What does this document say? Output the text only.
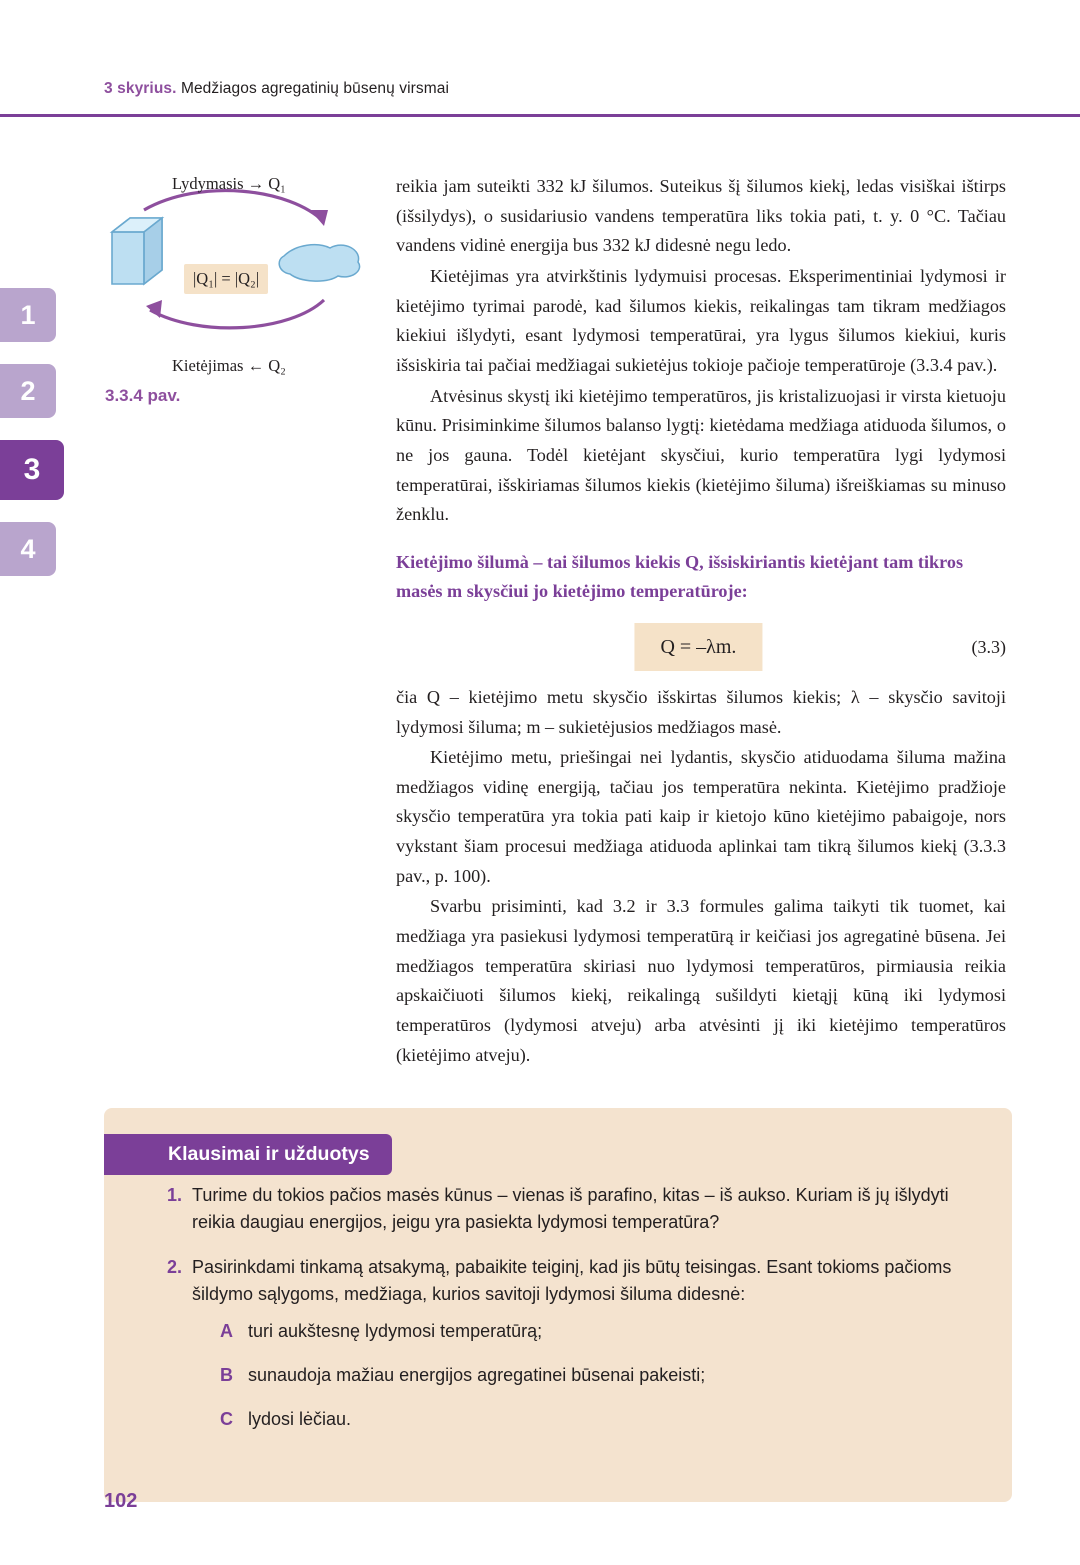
3 skyrius. Medžiagos agregatinių būsenų virsmai
1
2
3
4
Lydymasis → Q₁
|Q₁| = |Q₂|
Kietėjimas ← Q₂
3.3.4 pav.

reikia jam suteikti 332 kJ šilumos. Suteikus šį šilumos kiekį, ledas visiškai ištirps (išsilydys), o susidariusio vandens temperatūra liks tokia pati, t. y. 0 °C. Tačiau vandens vidinė energija bus 332 kJ didesnė negu ledo.

Kietėjimas yra atvirkštinis lydymuisi procesas. Eksperimentiniai lydymosi ir kietėjimo tyrimai parodė, kad šilumos kiekis, reikalingas tam tikram medžiagos kiekiui išlydyti, esant lydymosi temperatūrai, yra lygus šilumos kiekiui, kuris išsiskiria tai pačiai medžiagai sukietėjus tokioje pačioje temperatūroje (3.3.4 pav.).

Atvėsinus skystį iki kietėjimo temperatūros, jis kristalizuojasi ir virsta kietuoju kūnu. Prisiminkime šilumos balanso lygtį: kietėdama medžiaga atiduoda šilumos, o ne jos gauna. Todėl kietėjant skysčiui, kurio temperatūra lygi lydymosi temperatūrai, išskiriamas šilumos kiekis (kietėjimo šiluma) išreiškiamas su minuso ženklu.

Kietėjimo šilumà – tai šilumos kiekis Q, išsiskiriantis kietėjant tam tikros masės m skysčiui jo kietėjimo temperatūroje:
Q = –λm.	(3.3)

čia Q – kietėjimo metu skysčio išskirtas šilumos kiekis; λ – skysčio savitoji lydymosi šiluma; m – sukietėjusios medžiagos masė.

Kietėjimo metu, priešingai nei lydantis, skysčio atiduodama šiluma mažina medžiagos vidinę energiją, tačiau jos temperatūra nekinta. Kietėjimo pradžioje skysčio temperatūra yra tokia pati kaip ir kietojo kūno kietėjimo pabaigoje, nors vykstant šiam procesui medžiaga atiduoda aplinkai tam tikrą šilumos kiekį (3.3.3 pav., p. 100).

Svarbu prisiminti, kad 3.2 ir 3.3 formules galima taikyti tik tuomet, kai medžiaga yra pasiekusi lydymosi temperatūrą ir keičiasi jos agregatinė būsena. Jei medžiagos temperatūra skiriasi nuo lydymosi temperatūros, pirmiausia reikia apskaičiuoti šilumos kiekį, reikalingą sušildyti kietąjį kūną iki lydymosi temperatūros (lydymosi atveju) arba atvėsinti jį iki kietėjimo temperatūros (kietėjimo atveju).

1. Turime du tokios pačios masės kūnus – vienas iš parafino, kitas – iš aukso. Kuriam iš jų išlydyti reikia daugiau energijos, jeigu yra pasiekta lydymosi temperatūra?
2. Pasirinkdami tinkamą atsakymą, pabaikite teiginį, kad jis būtų teisingas. Esant tokioms pačioms šildymo sąlygoms, medžiaga, kurios savitoji lydymosi šiluma didesnė:
A turi aukštesnę lydymosi temperatūrą;
B sunaudoja mažiau energijos agregatinei būsenai pakeisti;
C lydosi lėčiau.
Klausimai ir užduotys
102
